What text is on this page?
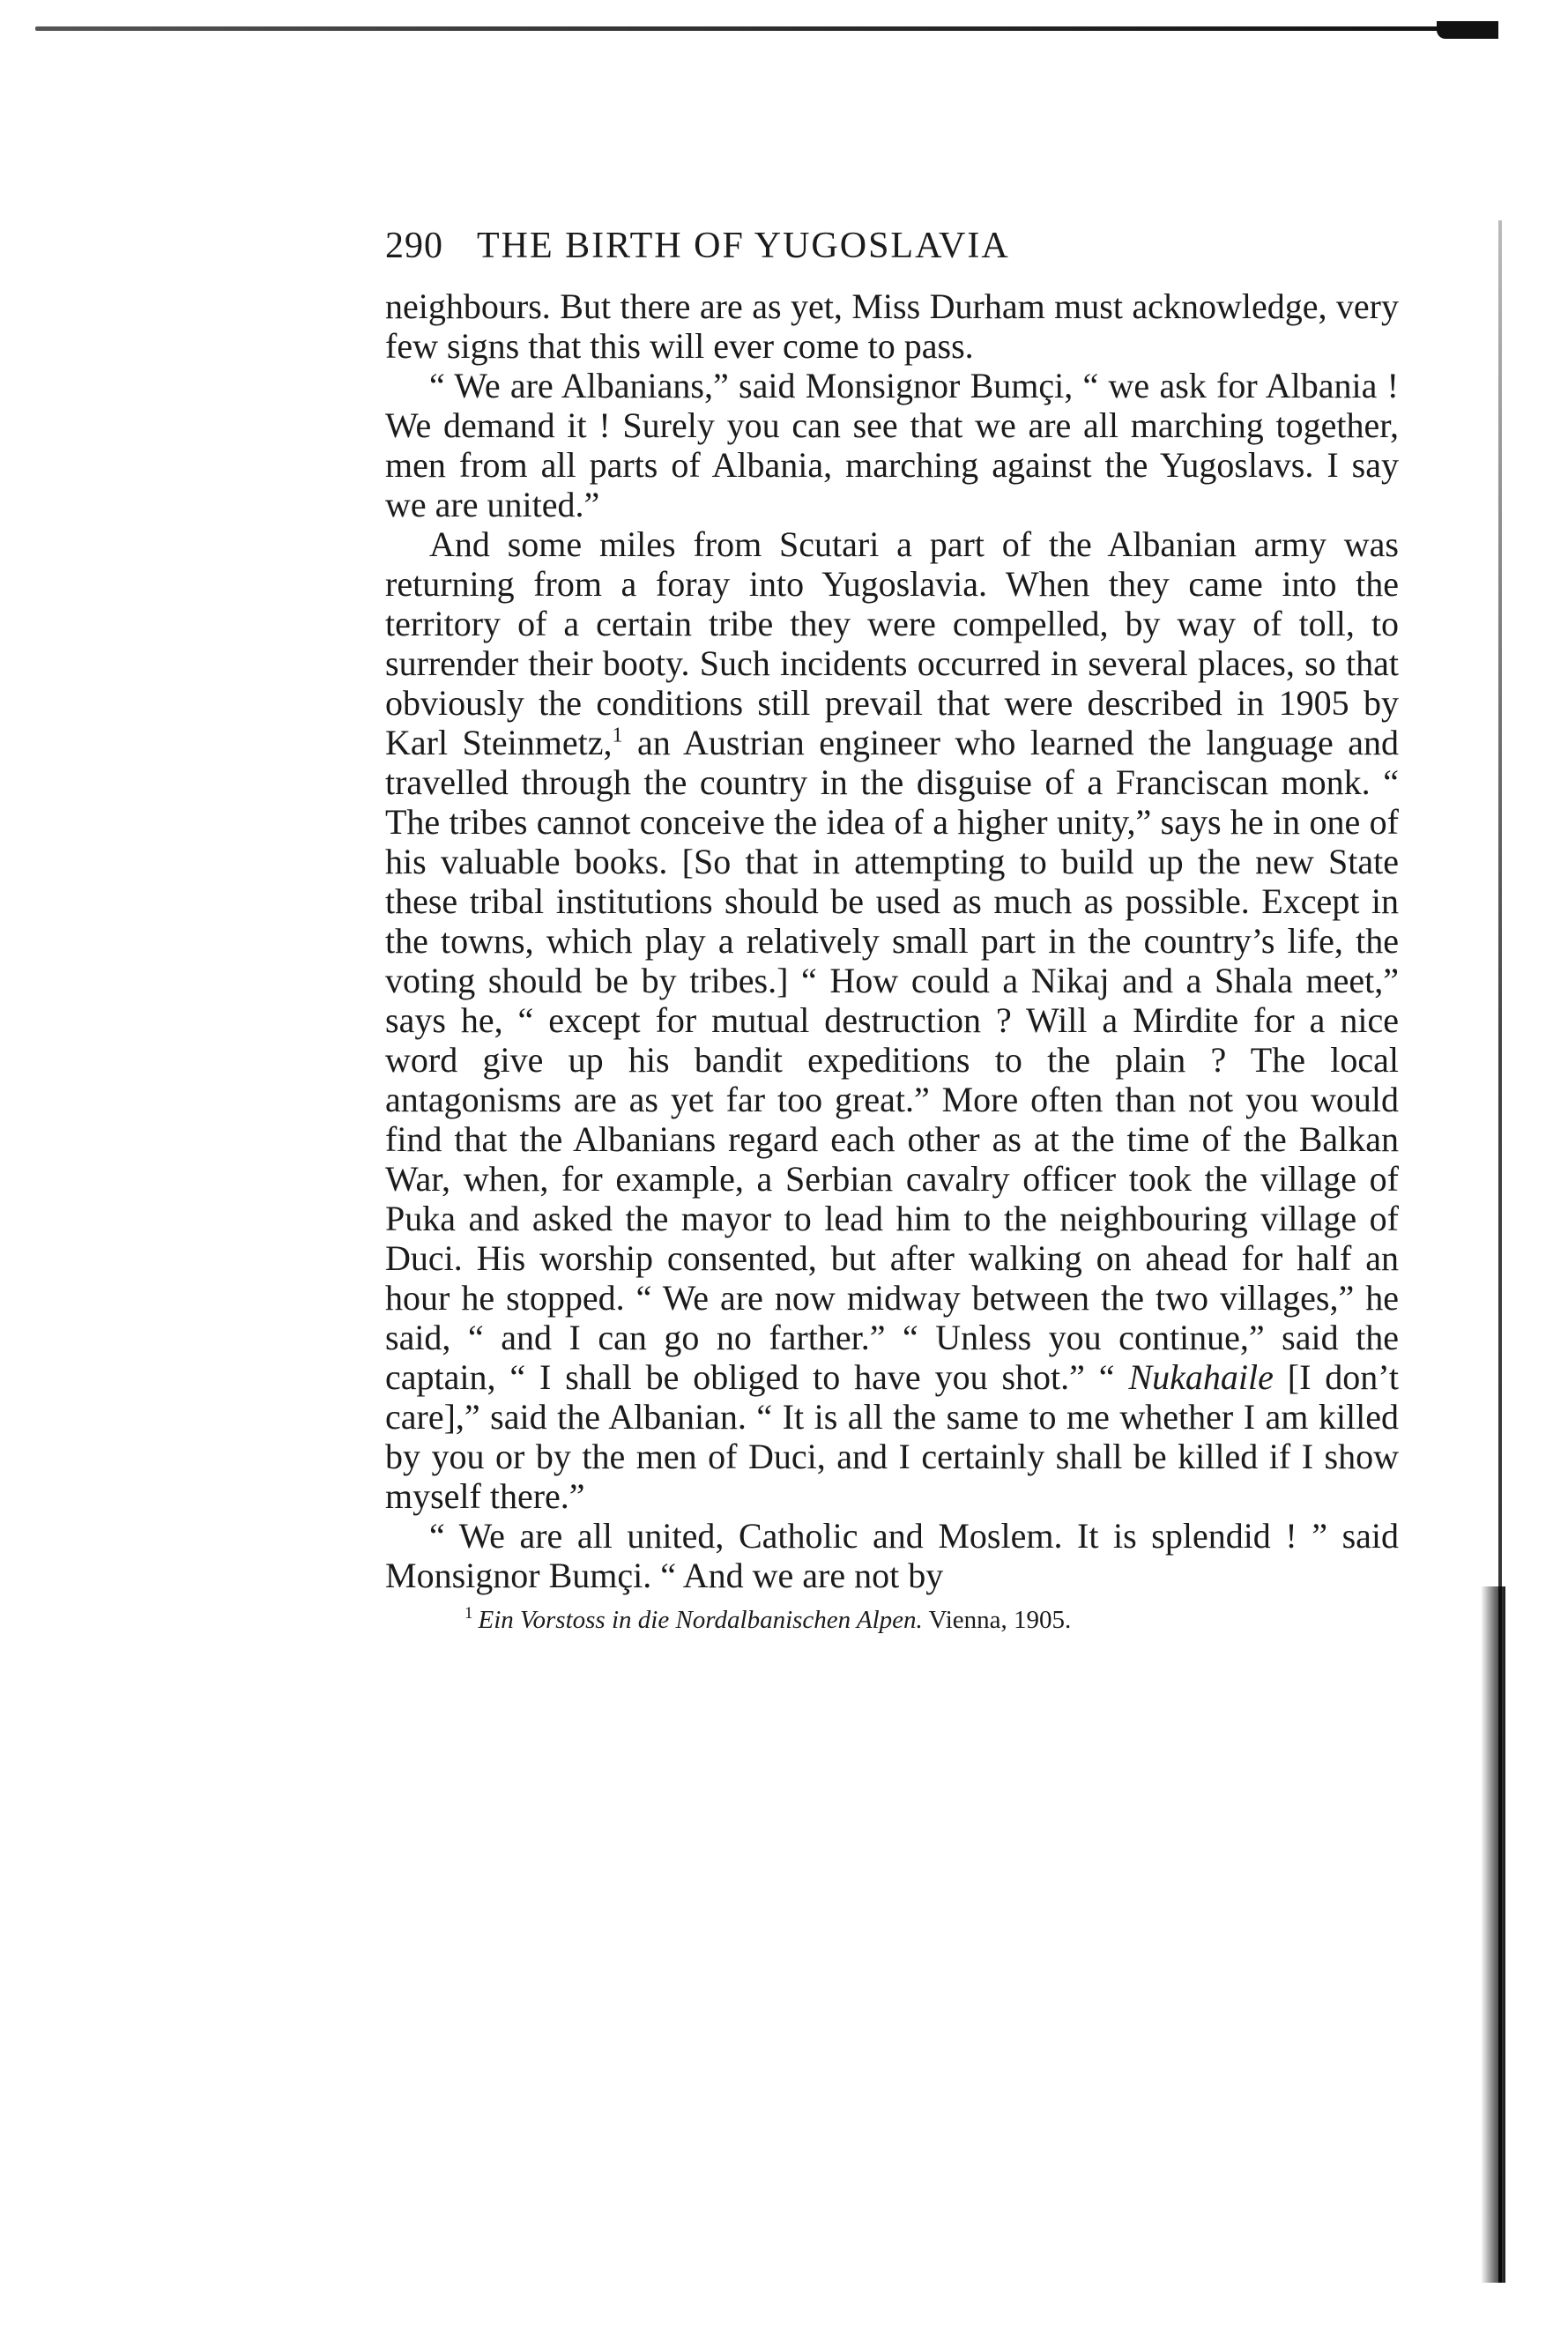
290 THE BIRTH OF YUGOSLAVIA

neighbours. But there are as yet, Miss Durham must acknowledge, very few signs that this will ever come to pass.

“ We are Albanians,” said Monsignor Bumçi, “ we ask for Albania ! We demand it ! Surely you can see that we are all marching together, men from all parts of Albania, marching against the Yugoslavs. I say we are united.”

And some miles from Scutari a part of the Albanian army was returning from a foray into Yugoslavia. When they came into the territory of a certain tribe they were compelled, by way of toll, to surrender their booty. Such incidents occurred in several places, so that obviously the conditions still prevail that were described in 1905 by Karl Steinmetz,$^1$ an Austrian engineer who learned the language and travelled through the country in the disguise of a Franciscan monk. “ The tribes cannot conceive the idea of a higher unity,” says he in one of his valuable books. [So that in attempting to build up the new State these tribal institutions should be used as much as possible. Except in the towns, which play a relatively small part in the country’s life, the voting should be by tribes.] “ How could a Nikaj and a Shala meet,” says he, “ except for mutual destruction ? Will a Mirdite for a nice word give up his bandit expeditions to the plain ? The local antagonisms are as yet far too great.” More often than not you would find that the Albanians regard each other as at the time of the Balkan War, when, for example, a Serbian cavalry officer took the village of Puka and asked the mayor to lead him to the neighbouring village of Duci. His worship consented, but after walking on ahead for half an hour he stopped. “ We are now midway between the two villages,” he said, “ and I can go no farther.” “ Unless you continue,” said the captain, “ I shall be obliged to have you shot.” “ Nukahaile [I don’t care],” said the Albanian. “ It is all the same to me whether I am killed by you or by the men of Duci, and I certainly shall be killed if I show myself there.”

“ We are all united, Catholic and Moslem. It is splendid ! ” said Monsignor Bumçi. “ And we are not by

$^1$ Ein Vorstoss in die Nordalbanischen Alpen. Vienna, 1905.
